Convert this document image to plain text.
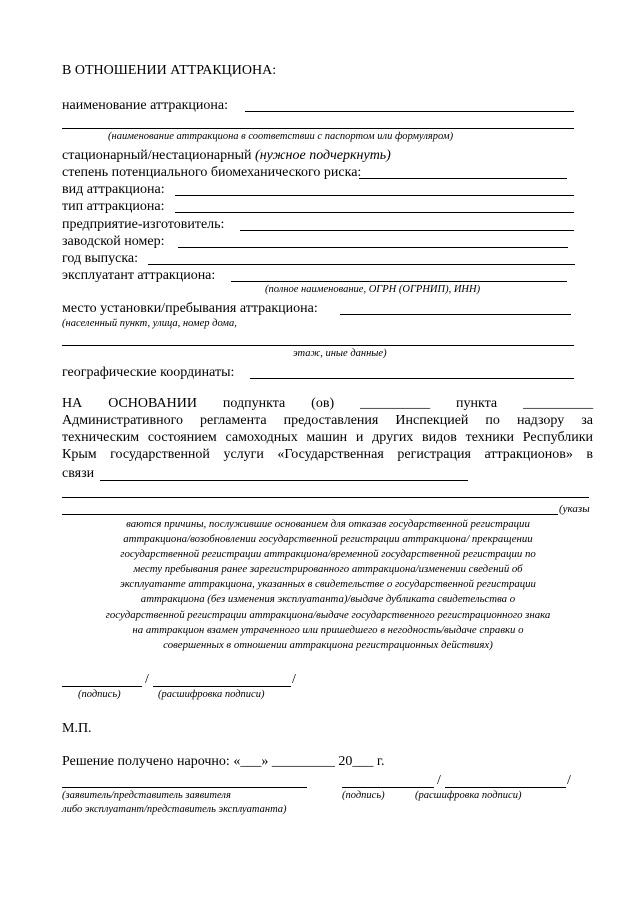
В ОТНОШЕНИИ АТТРАКЦИОНА:
наименование аттракциона:
(наименование аттракциона в соответствии с паспортом или формуляром)
стационарный/нестационарный (нужное подчеркнуть)
степень потенциального биомеханического риска:
вид аттракциона:
тип аттракциона:
предприятие-изготовитель:
заводской номер:
год выпуска:
эксплуатант аттракциона:
(полное наименование, ОГРН (ОГРНИП), ИНН)
место установки/пребывания аттракциона:
(населенный пункт, улица, номер дома,
этаж, иные данные)
географические координаты:
НА ОСНОВАНИИ подпункта (ов) __________ пункта __________
Административного регламента предоставления Инспекцией по надзору за
техническим состоянием самоходных машин и других видов техники Республики
Крым государственной услуги «Государственная регистрация аттракционов» в
связи
(указы
ваются причины, послужившие основанием для отказав государственной регистрации
аттракциона/возобновлении государственной регистрации аттракциона/ прекращении
государственной регистрации аттракциона/временной государственной регистрации по
месту пребывания ранее зарегистрированного аттракциона/изменении сведений об
эксплуатанте аттракциона, указанных в свидетельстве о государственной регистрации
аттракциона (без изменения эксплуатанта)/выдаче дубликата свидетельства о
государственной регистрации аттракциона/выдаче государственного регистрационного знака
на аттракцион взамен утраченного или пришедшего в негодность/выдаче справки о
совершенных в отношении аттракциона регистрационных действиях)
/	/
(подпись)	(расшифровка подписи)
М.П.
Решение получено нарочно: «___» _________ 20___ г.
/	/
(заявитель/представитель заявителя
либо эксплуатант/представитель эксплуатанта)
(подпись)	(расшифровка подписи)
